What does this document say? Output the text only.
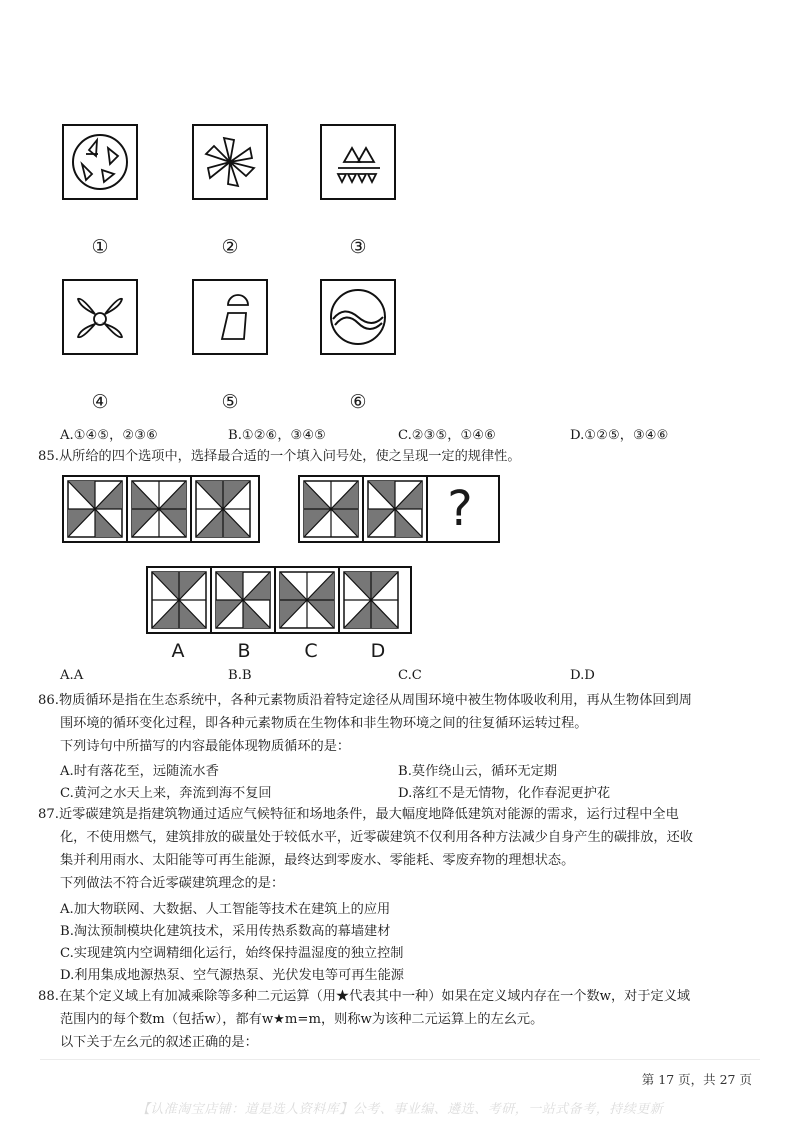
①	②	③
④	⑤	⑥
A.①④⑤，②③⑥	B.①②⑥，③④⑤	C.②③⑤，①④⑥	D.①②⑤，③④⑥
85.从所给的四个选项中，选择最合适的一个填入问号处，使之呈现一定的规律性。
?
A	B	C	D
A.A	B.B	C.C	D.D
86.物质循环是指在生态系统中，各种元素物质沿着特定途径从周围环境中被生物体吸收利用，再从生物体回到周
围环境的循环变化过程，即各种元素物质在生物体和非生物环境之间的往复循环运转过程。
下列诗句中所描写的内容最能体现物质循环的是：
A.时有落花至，远随流水香	B.莫作绕山云，循环无定期
C.黄河之水天上来，奔流到海不复回	D.落红不是无情物，化作春泥更护花
87.近零碳建筑是指建筑物通过适应气候特征和场地条件，最大幅度地降低建筑对能源的需求，运行过程中全电
化，不使用燃气，建筑排放的碳量处于较低水平，近零碳建筑不仅利用各种方法减少自身产生的碳排放，还收
集并利用雨水、太阳能等可再生能源，最终达到零废水、零能耗、零废弃物的理想状态。
下列做法不符合近零碳建筑理念的是：
A.加大物联网、大数据、人工智能等技术在建筑上的应用
B.淘汰预制模块化建筑技术，采用传热系数高的幕墙建材
C.实现建筑内空调精细化运行，始终保持温湿度的独立控制
D.利用集成地源热泵、空气源热泵、光伏发电等可再生能源
88.在某个定义域上有加减乘除等多种二元运算（用★代表其中一种）如果在定义域内存在一个数w，对于定义域
范围内的每个数m（包括w），都有w★m=m，则称w为该种二元运算上的左幺元。
以下关于左幺元的叙述正确的是：
第 17 页，共 27 页
【认准淘宝店铺：道是选人资料库】公考、事业编、遴选、考研，一站式备考，持续更新
